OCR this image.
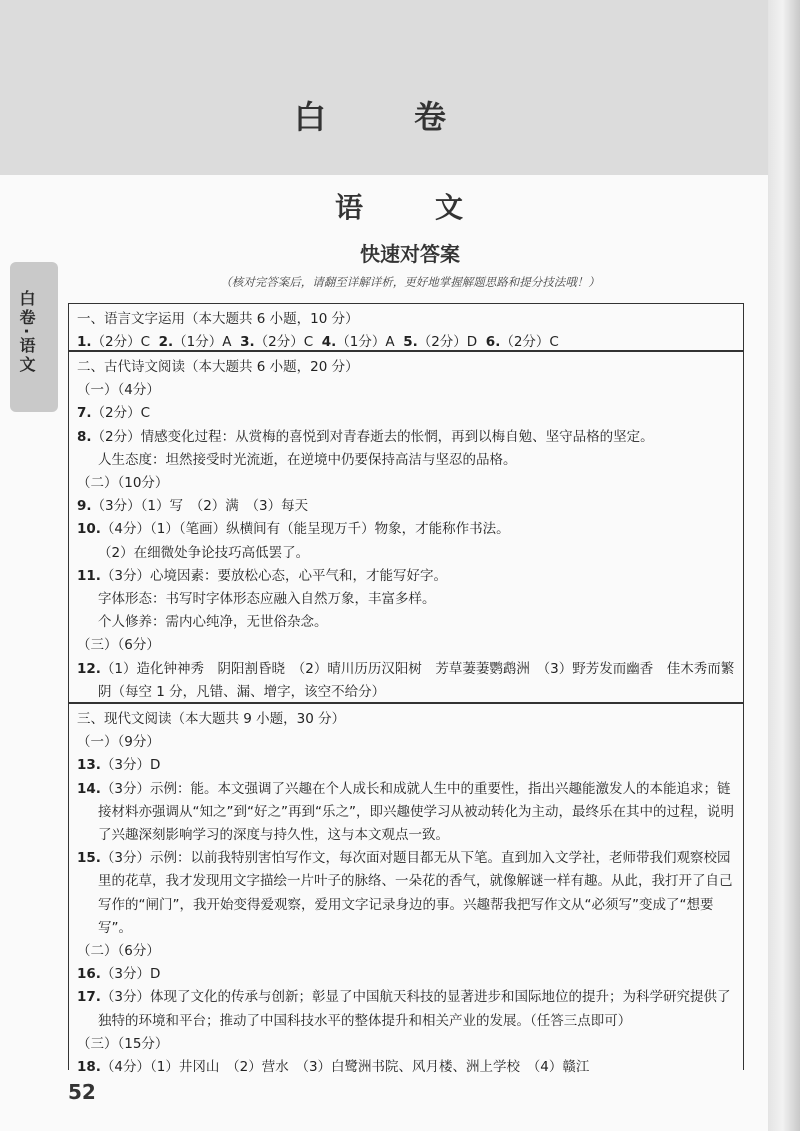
白　卷
白卷·语文
语　文
快速对答案
（核对完答案后，请翻至详解详析，更好地掌握解题思路和提分技法哦！）
一、语言文字运用（本大题共 6 小题，10 分）
1.（2分）C 2.（1分）A 3.（2分）C 4.（1分）A 5.（2分）D 6.（2分）C
二、古代诗文阅读（本大题共 6 小题，20 分）
（一）（4分）
7.（2分）C
8.（2分）情感变化过程：从赏梅的喜悦到对青春逝去的怅惘，再到以梅自勉、坚守品格的坚定。
人生态度：坦然接受时光流逝，在逆境中仍要保持高洁与坚忍的品格。
（二）（10分）
9.（3分）（1）写　（2）满　（3）每天
10.（4分）（1）（笔画）纵横间有（能呈现万千）物象，才能称作书法。
（2）在细微处争论技巧高低罢了。
11.（3分）心境因素：要放松心态，心平气和，才能写好字。
字体形态：书写时字体形态应融入自然万象，丰富多样。
个人修养：需内心纯净，无世俗杂念。
（三）（6分）
12.（1）造化钟神秀　阴阳割昏晓　（2）晴川历历汉阳树　芳草萋萋鹦鹉洲　（3）野芳发而幽香　佳木秀而繁阴（每空 1 分，凡错、漏、增字，该空不给分）
三、现代文阅读（本大题共 9 小题，30 分）
（一）（9分）
13.（3分）D
14.（3分）示例：能。本文强调了兴趣在个人成长和成就人生中的重要性，指出兴趣能激发人的本能追求；链接材料亦强调从“知之”到“好之”再到“乐之”，即兴趣使学习从被动转化为主动，最终乐在其中的过程，说明了兴趣深刻影响学习的深度与持久性，这与本文观点一致。
15.（3分）示例：以前我特别害怕写作文，每次面对题目都无从下笔。直到加入文学社，老师带我们观察校园里的花草，我才发现用文字描绘一片叶子的脉络、一朵花的香气，就像解谜一样有趣。从此，我打开了自己写作的“闸门”，我开始变得爱观察，爱用文字记录身边的事。兴趣帮我把写作文从“必须写”变成了“想要写”。
（二）（6分）
16.（3分）D
17.（3分）体现了文化的传承与创新；彰显了中国航天科技的显著进步和国际地位的提升；为科学研究提供了独特的环境和平台；推动了中国科技水平的整体提升和相关产业的发展。（任答三点即可）
（三）（15分）
18.（4分）（1）井冈山　（2）营水　（3）白鹭洲书院、风月楼、洲上学校　（4）赣江
52
